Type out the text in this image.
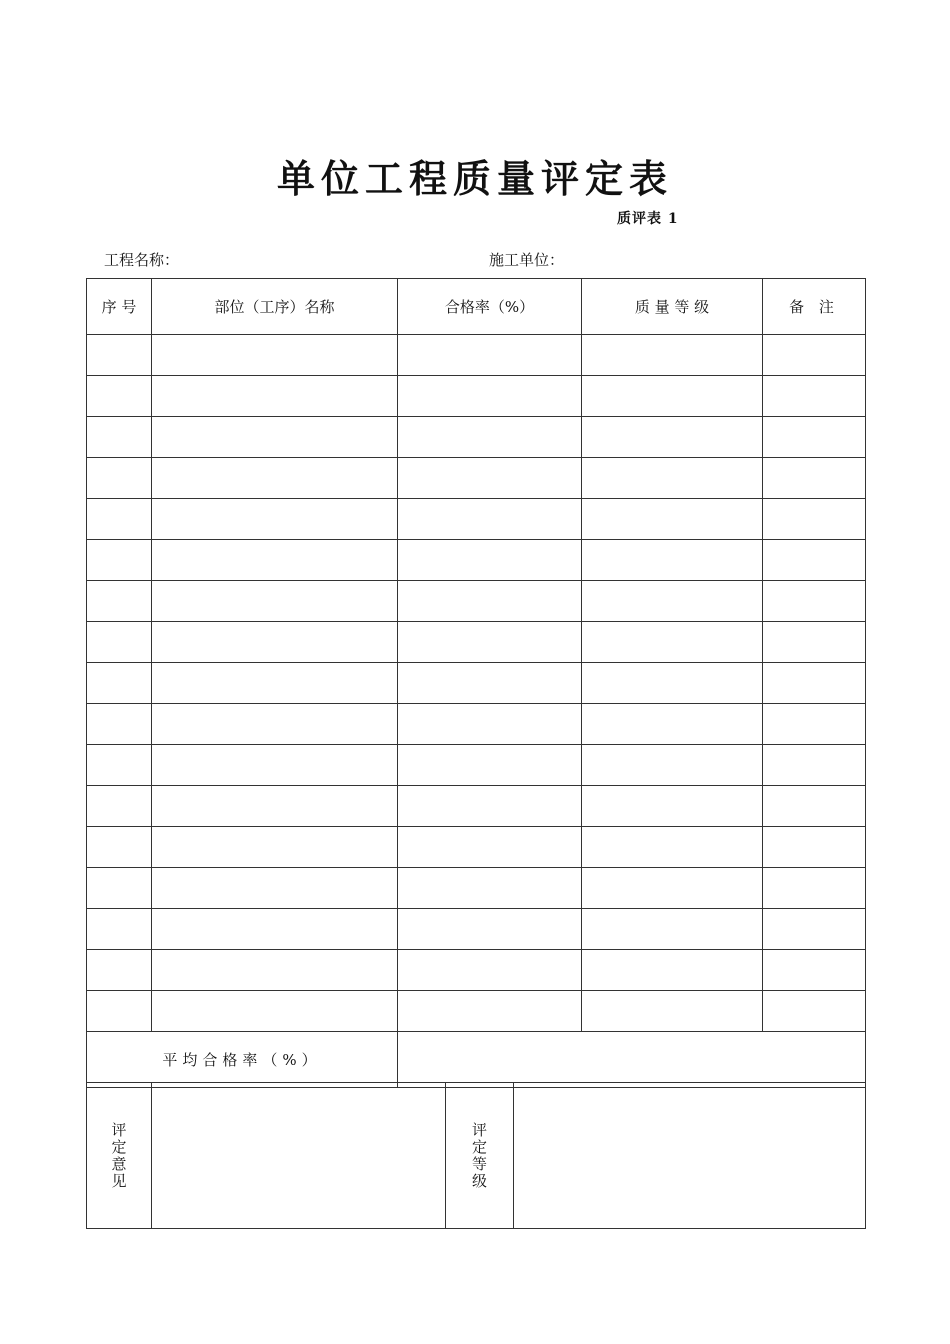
单位工程质量评定表
质评表 1
工程名称：	施工单位：
序 号	部位（工序）名称	合格率（%）	质 量 等 级	备 注

平均合格率（%）				
评定意见		评定等级
